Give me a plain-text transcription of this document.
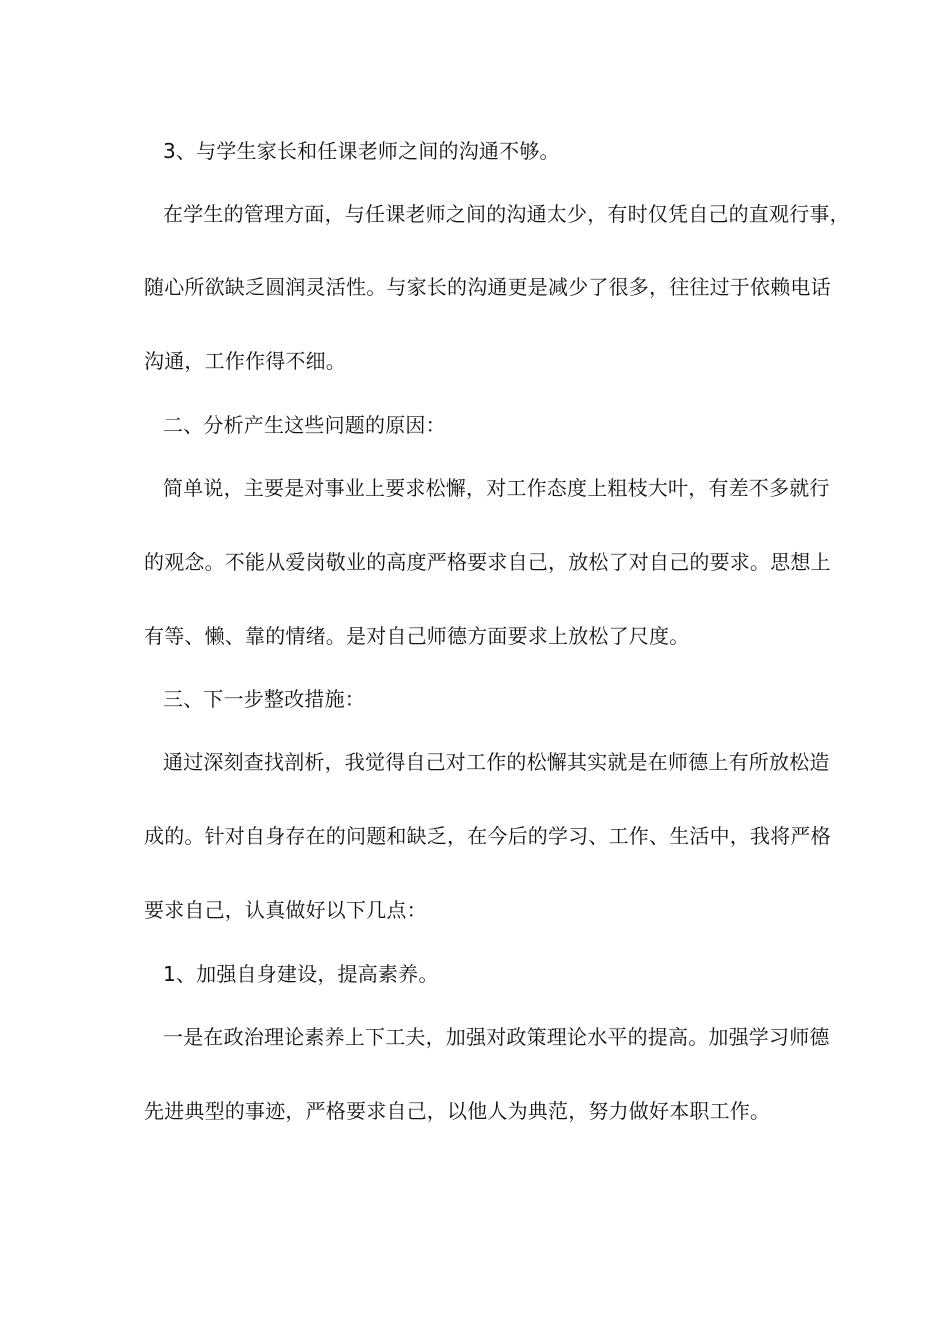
3、与学生家长和任课老师之间的沟通不够。
在学生的管理方面，与任课老师之间的沟通太少，有时仅凭自己的直观行事，
随心所欲缺乏圆润灵活性。与家长的沟通更是减少了很多，往往过于依赖电话
沟通，工作作得不细。
二、分析产生这些问题的原因：
简单说，主要是对事业上要求松懈，对工作态度上粗枝大叶，有差不多就行
的观念。不能从爱岗敬业的高度严格要求自己，放松了对自己的要求。思想上
有等、懒、靠的情绪。是对自己师德方面要求上放松了尺度。
三、下一步整改措施：
通过深刻查找剖析，我觉得自己对工作的松懈其实就是在师德上有所放松造
成的。针对自身存在的问题和缺乏，在今后的学习、工作、生活中，我将严格
要求自己，认真做好以下几点：
1、加强自身建设，提高素养。
一是在政治理论素养上下工夫，加强对政策理论水平的提高。加强学习师德
先进典型的事迹，严格要求自己，以他人为典范，努力做好本职工作。
